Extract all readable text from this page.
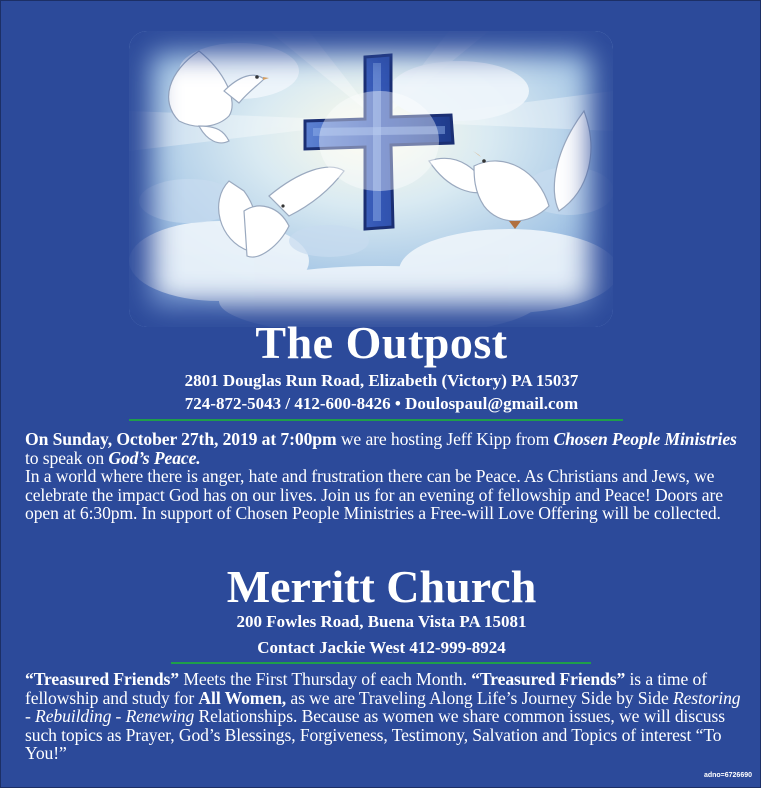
The Outpost
2801 Douglas Run Road, Elizabeth (Victory) PA 15037
724-872-5043 / 412-600-8426 • Doulospaul@gmail.com
On Sunday, October 27th, 2019 at 7:00pm we are hosting Jeff Kipp from Chosen People Ministries to speak on God’s Peace.
In a world where there is anger, hate and frustration there can be Peace. As Christians and Jews, we celebrate the impact God has on our lives. Join us for an evening of fellowship and Peace! Doors are open at 6:30pm. In support of Chosen People Ministries a Free-will Love Offering will be collected.
Merritt Church
200 Fowles Road, Buena Vista PA 15081
Contact Jackie West 412-999-8924
“Treasured Friends” Meets the First Thursday of each Month. “Treasured Friends” is a time of fellowship and study for All Women, as we are Traveling Along Life’s Journey Side by Side Restoring - Rebuilding - Renewing Relationships. Because as women we share common issues, we will discuss such topics as Prayer, God’s Blessings, Forgiveness, Testimony, Salvation and Topics of interest “To You!”
adno=6726690
